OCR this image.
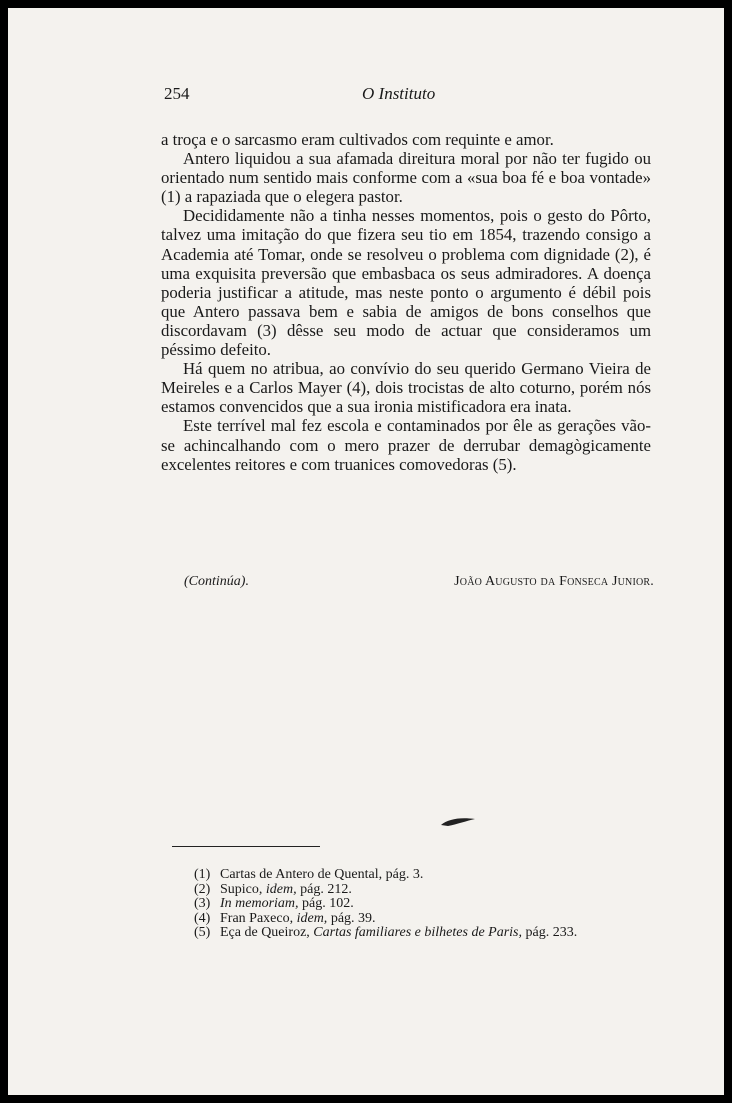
254	O Instituto

a troça e o sarcasmo eram cultivados com requinte e amor.

Antero liquidou a sua afamada direitura moral por não ter fugido ou orientado num sentido mais conforme com a «sua boa fé e boa vontade» (1) a rapaziada que o elegera pastor.

Decididamente não a tinha nesses momentos, pois o gesto do Pôrto, talvez uma imitação do que fizera seu tio em 1854, trazendo consigo a Academia até Tomar, onde se resolveu o problema com dignidade (2), é uma exquisita preversão que embasbaca os seus admiradores. A doença poderia justificar a atitude, mas neste ponto o argumento é débil pois que Antero passava bem e sabia de amigos de bons conselhos que discordavam (3) dêsse seu modo de actuar que consideramos um péssimo defeito.

Há quem no atribua, ao convívio do seu querido Germano Vieira de Meireles e a Carlos Mayer (4), dois trocistas de alto coturno, porém nós estamos convencidos que a sua ironia mistificadora era inata.

Este terrível mal fez escola e contaminados por êle as gerações vão-se achincalhando com o mero prazer de derrubar demagògicamente excelentes reitores e com truanices comovedoras (5).

(Continúa).	João Augusto da Fonseca Junior.
(1) Cartas de Antero de Quental, pág. 3.
(2) Supico, idem, pág. 212.
(3) In memoriam, pág. 102.
(4) Fran Paxeco, idem, pág. 39.
(5) Eça de Queiroz, Cartas familiares e bilhetes de Paris, pág. 233.
